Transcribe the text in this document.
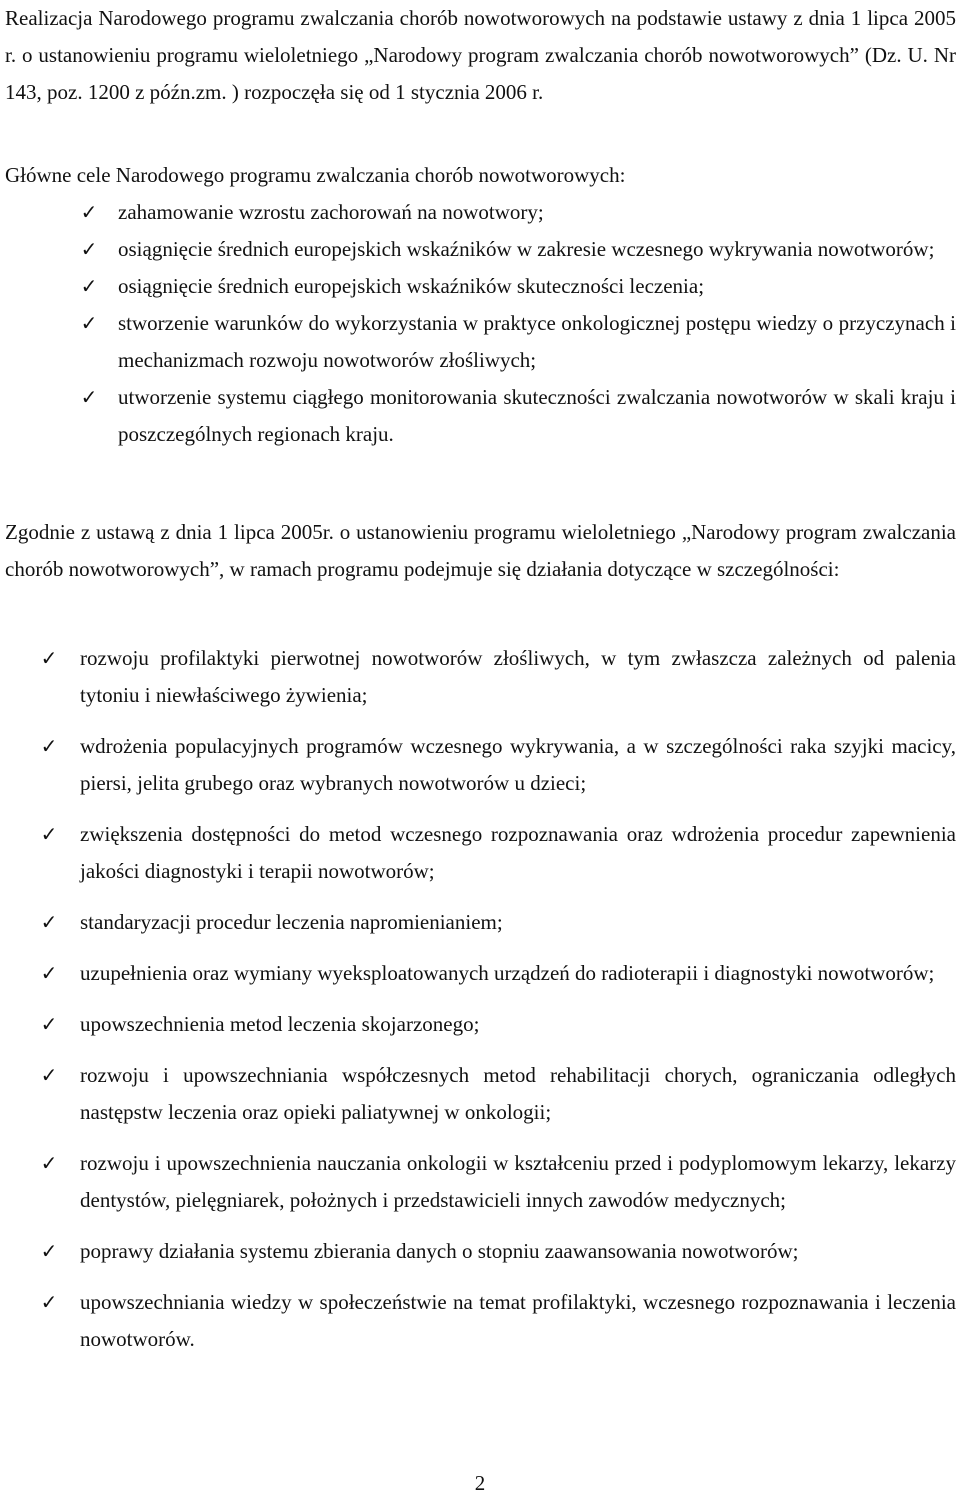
Realizacja Narodowego programu zwalczania chorób nowotworowych na podstawie ustawy z dnia 1 lipca 2005 r. o ustanowieniu programu wieloletniego „Narodowy program zwalczania chorób nowotworowych” (Dz. U. Nr 143, poz. 1200 z późn.zm. ) rozpoczęła się od 1 stycznia 2006 r.

Główne cele Narodowego programu zwalczania chorób nowotworowych:
✓ zahamowanie wzrostu zachorowań na nowotwory;
✓ osiągnięcie średnich europejskich wskaźników w zakresie wczesnego wykrywania nowotworów;
✓ osiągnięcie średnich europejskich wskaźników skuteczności leczenia;
✓ stworzenie warunków do wykorzystania w praktyce onkologicznej postępu wiedzy o przyczynach i mechanizmach rozwoju nowotworów złośliwych;
✓ utworzenie systemu ciągłego monitorowania skuteczności zwalczania nowotworów w skali kraju i poszczególnych regionach kraju.

Zgodnie z ustawą z dnia 1 lipca 2005r. o ustanowieniu programu wieloletniego „Narodowy program zwalczania chorób nowotworowych”, w ramach programu podejmuje się działania dotyczące w szczególności:

✓ rozwoju profilaktyki pierwotnej nowotworów złośliwych, w tym zwłaszcza zależnych od palenia tytoniu i niewłaściwego żywienia;
✓ wdrożenia populacyjnych programów wczesnego wykrywania, a w szczególności raka szyjki macicy, piersi, jelita grubego oraz wybranych nowotworów u dzieci;
✓ zwiększenia dostępności do metod wczesnego rozpoznawania oraz wdrożenia procedur zapewnienia jakości diagnostyki i terapii nowotworów;
✓ standaryzacji procedur leczenia napromienianiem;
✓ uzupełnienia oraz wymiany wyeksploatowanych urządzeń do radioterapii i diagnostyki nowotworów;
✓ upowszechnienia metod leczenia skojarzonego;
✓ rozwoju i upowszechniania współczesnych metod rehabilitacji chorych, ograniczania odległych następstw leczenia oraz opieki paliatywnej w onkologii;
✓ rozwoju i upowszechnienia nauczania onkologii w kształceniu przed i podyplomowym lekarzy, lekarzy dentystów, pielęgniarek, położnych i przedstawicieli innych zawodów medycznych;
✓ poprawy działania systemu zbierania danych o stopniu zaawansowania nowotworów;
✓ upowszechniania wiedzy w społeczeństwie na temat profilaktyki, wczesnego rozpoznawania i leczenia nowotworów.
2
